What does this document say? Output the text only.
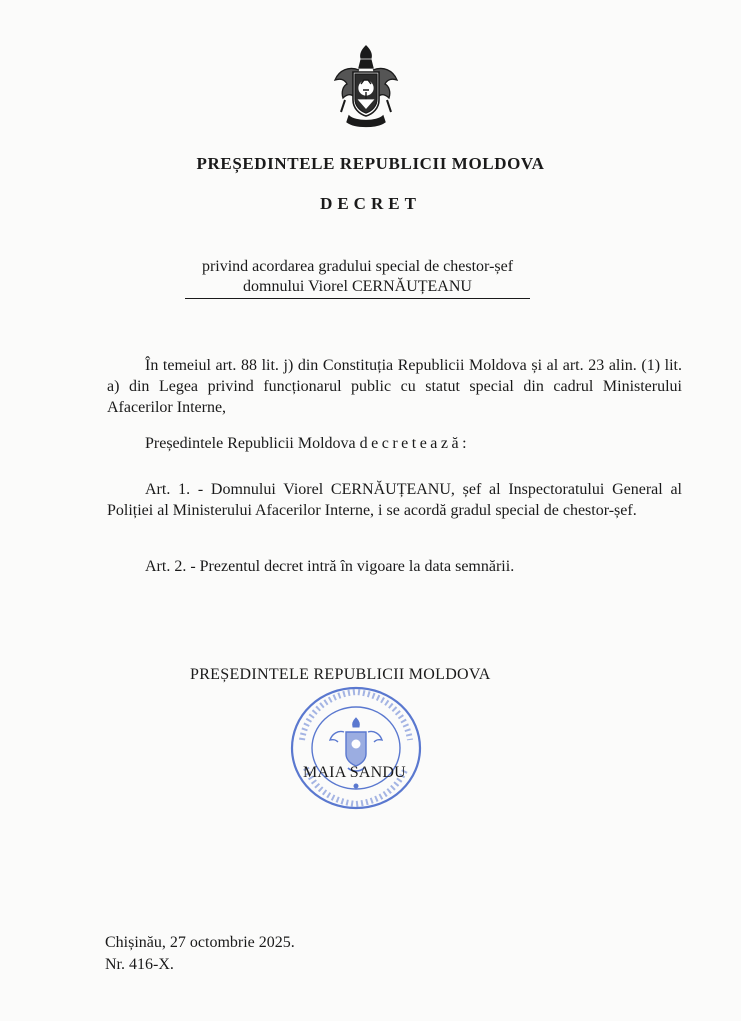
PREȘEDINTELE REPUBLICII MOLDOVA
DECRET
privind acordarea gradului special de chestor-șef
domnului Viorel CERNĂUȚEANU
În temeiul art. 88 lit. j) din Constituția Republicii Moldova și al art. 23 alin. (1) lit. a) din Legea privind funcționarul public cu statut special din cadrul Ministerului Afacerilor Interne,
Președintele Republicii Moldova decretează:
Art. 1. - Domnului Viorel CERNĂUȚEANU, șef al Inspectoratului General al Poliției al Ministerului Afacerilor Interne, i se acordă gradul special de chestor-șef.
Art. 2. - Prezentul decret intră în vigoare la data semnării.
PREȘEDINTELE REPUBLICII MOLDOVA
MAIA SANDU
Chișinău, 27 octombrie 2025.
Nr. 416-X.
